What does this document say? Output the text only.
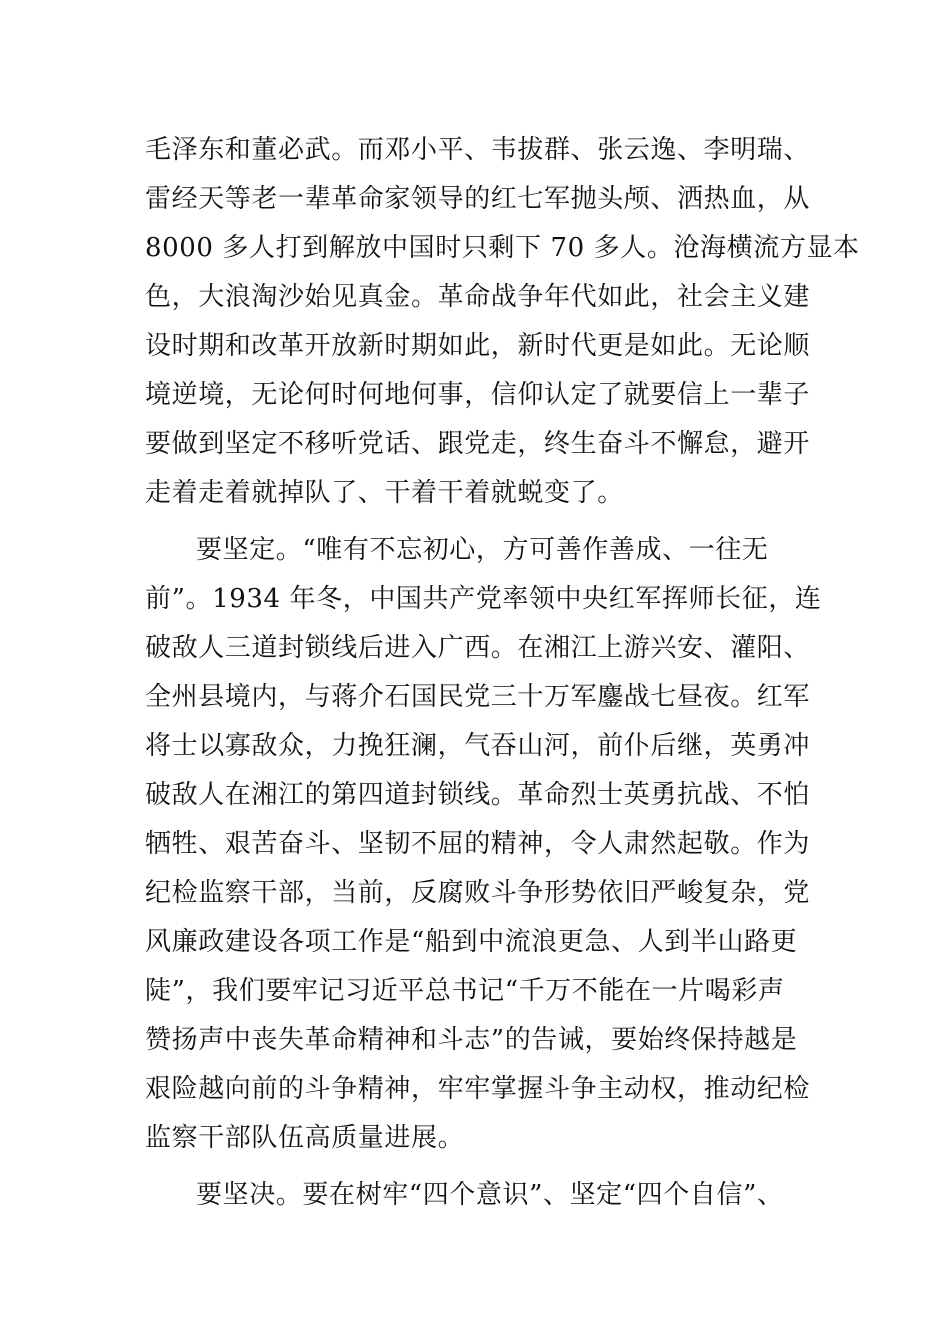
毛泽东和董必武。而邓小平、韦拔群、张云逸、李明瑞、
雷经天等老一辈革命家领导的红七军抛头颅、洒热血，从
8000 多人打到解放中国时只剩下 70 多人。沧海横流方显本
色，大浪淘沙始见真金。革命战争年代如此，社会主义建
设时期和改革开放新时期如此，新时代更是如此。无论顺
境逆境，无论何时何地何事，信仰认定了就要信上一辈子
要做到坚定不移听党话、跟党走，终生奋斗不懈怠，避开
走着走着就掉队了、干着干着就蜕变了。
要坚定。“唯有不忘初心，方可善作善成、一往无
前”。1934 年冬，中国共产党率领中央红军挥师长征，连
破敌人三道封锁线后进入广西。在湘江上游兴安、灌阳、
全州县境内，与蒋介石国民党三十万军鏖战七昼夜。红军
将士以寡敌众，力挽狂澜，气吞山河，前仆后继，英勇冲
破敌人在湘江的第四道封锁线。革命烈士英勇抗战、不怕
牺牲、艰苦奋斗、坚韧不屈的精神，令人肃然起敬。作为
纪检监察干部，当前，反腐败斗争形势依旧严峻复杂，党
风廉政建设各项工作是“船到中流浪更急、人到半山路更
陡”，我们要牢记习近平总书记“千万不能在一片喝彩声
赞扬声中丧失革命精神和斗志”的告诫，要始终保持越是
艰险越向前的斗争精神，牢牢掌握斗争主动权，推动纪检
监察干部队伍高质量进展。
要坚决。要在树牢“四个意识”、坚定“四个自信”、
